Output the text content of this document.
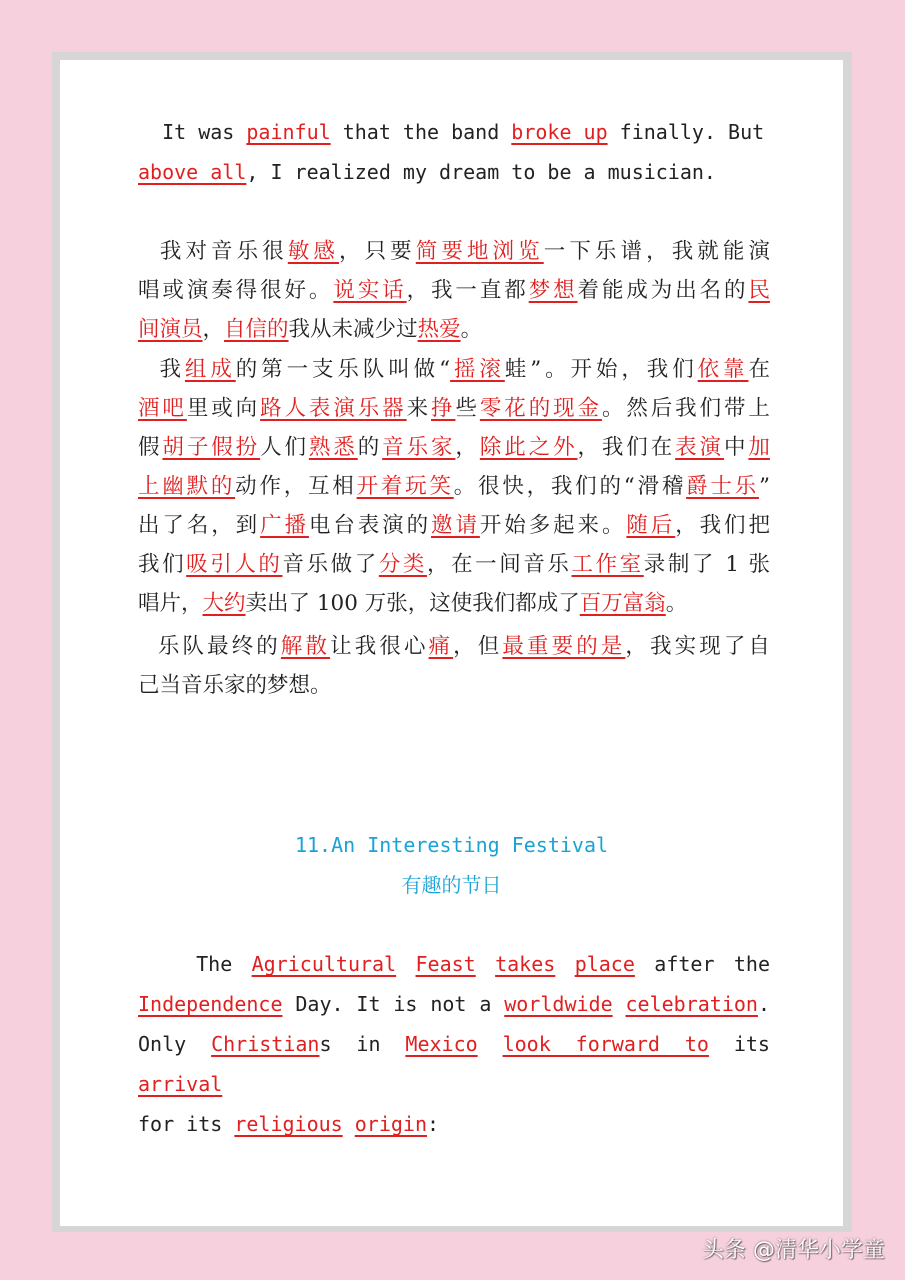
It was painful that the band broke up finally. But
above all, I realized my dream to be a musician.
我对音乐很敏感，只要简要地浏览一下乐谱，我就能演
唱或演奏得很好。说实话，我一直都梦想着能成为出名的民
间演员，自信的我从未减少过热爱。
我组成的第一支乐队叫做“摇滚蛙”。开始，我们依靠在
酒吧里或向路人表演乐器来挣些零花的现金。然后我们带上
假胡子假扮人们熟悉的音乐家，除此之外，我们在表演中加
上幽默的动作，互相开着玩笑。很快，我们的“滑稽爵士乐”
出了名，到广播电台表演的邀请开始多起来。随后，我们把
我们吸引人的音乐做了分类，在一间音乐工作室录制了 1 张
唱片，大约卖出了 100 万张，这使我们都成了百万富翁。
乐队最终的解散让我很心痛，但最重要的是，我实现了自
己当音乐家的梦想。

11.An Interesting Festival

有趣的节日

The Agricultural Feast takes place after the
Independence Day. It is not a worldwide celebration.
Only Christians in Mexico look forward to its arrival
for its religious origin:
头条 @清华小学童
